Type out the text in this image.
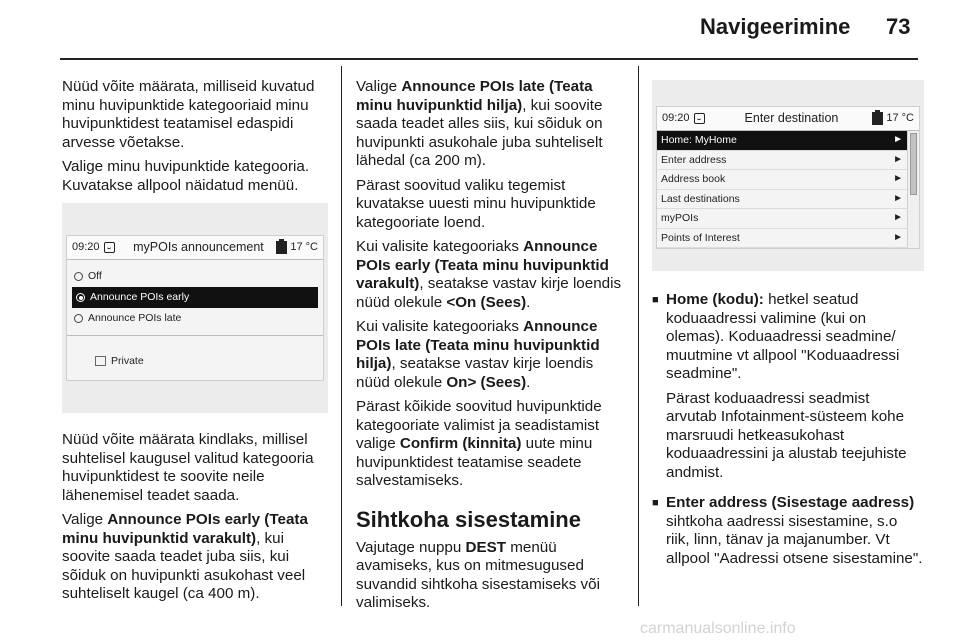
Navigeerimine 73

Nüüd võite määrata, milliseid kuvatud minu huvipunktide kategooriaid minu huvipunktidest teatamisel edaspidi arvesse võetakse.

Valige minu huvipunktide kategooria. Kuvatakse allpool näidatud menüü.

09:20	myPOIs announcement	17 °C
Off
Announce POIs early
Announce POIs late
Private

Nüüd võite määrata kindlaks, millisel suhtelisel kaugusel valitud kategooria huvipunktidest te soovite neile lähenemisel teadet saada.

Valige Announce POIs early (Teata minu huvipunktid varakult), kui soovite saada teadet juba siis, kui sõiduk on huvipunkti asukohast veel suhteliselt kaugel (ca 400 m).

Valige Announce POIs late (Teata minu huvipunktid hilja), kui soovite saada teadet alles siis, kui sõiduk on huvipunkti asukohale juba suhteliselt lähedal (ca 200 m).

Pärast soovitud valiku tegemist kuvatakse uuesti minu huvipunktide kategooriate loend.

Kui valisite kategooriaks Announce POIs early (Teata minu huvipunktid varakult), seatakse vastav kirje loendis nüüd olekule <On (Sees).

Kui valisite kategooriaks Announce POIs late (Teata minu huvipunktid hilja), seatakse vastav kirje loendis nüüd olekule On> (Sees).

Pärast kõikide soovitud huvipunktide kategooriate valimist ja seadistamist valige Confirm (kinnita) uute minu huvipunktidest teatamise seadete salvestamiseks.

Sihtkoha sisestamine

Vajutage nuppu DEST menüü avamiseks, kus on mitmesugused suvandid sihtkoha sisestamiseks või valimiseks.

09:20	Enter destination	17 °C
Home: MyHome	►
Enter address	►
Address book	►
Last destinations	►
myPOIs	►
Points of Interest	►
■ Home (kodu): hetkel seatud koduaadressi valimine (kui on olemas). Koduaadressi seadmine/ muutmine vt allpool "Koduaadressi seadmine".

Pärast koduaadressi seadmist arvutab Infotainment-süsteem kohe marsruudi hetkeasukohast koduaadressini ja alustab teejuhiste andmist.

■ Enter address (Sisestage aadress) sihtkoha aadressi sisestamine, s.o riik, linn, tänav ja majanumber. Vt allpool "Aadressi otsene sisestamine".

carmanualsonline.info
